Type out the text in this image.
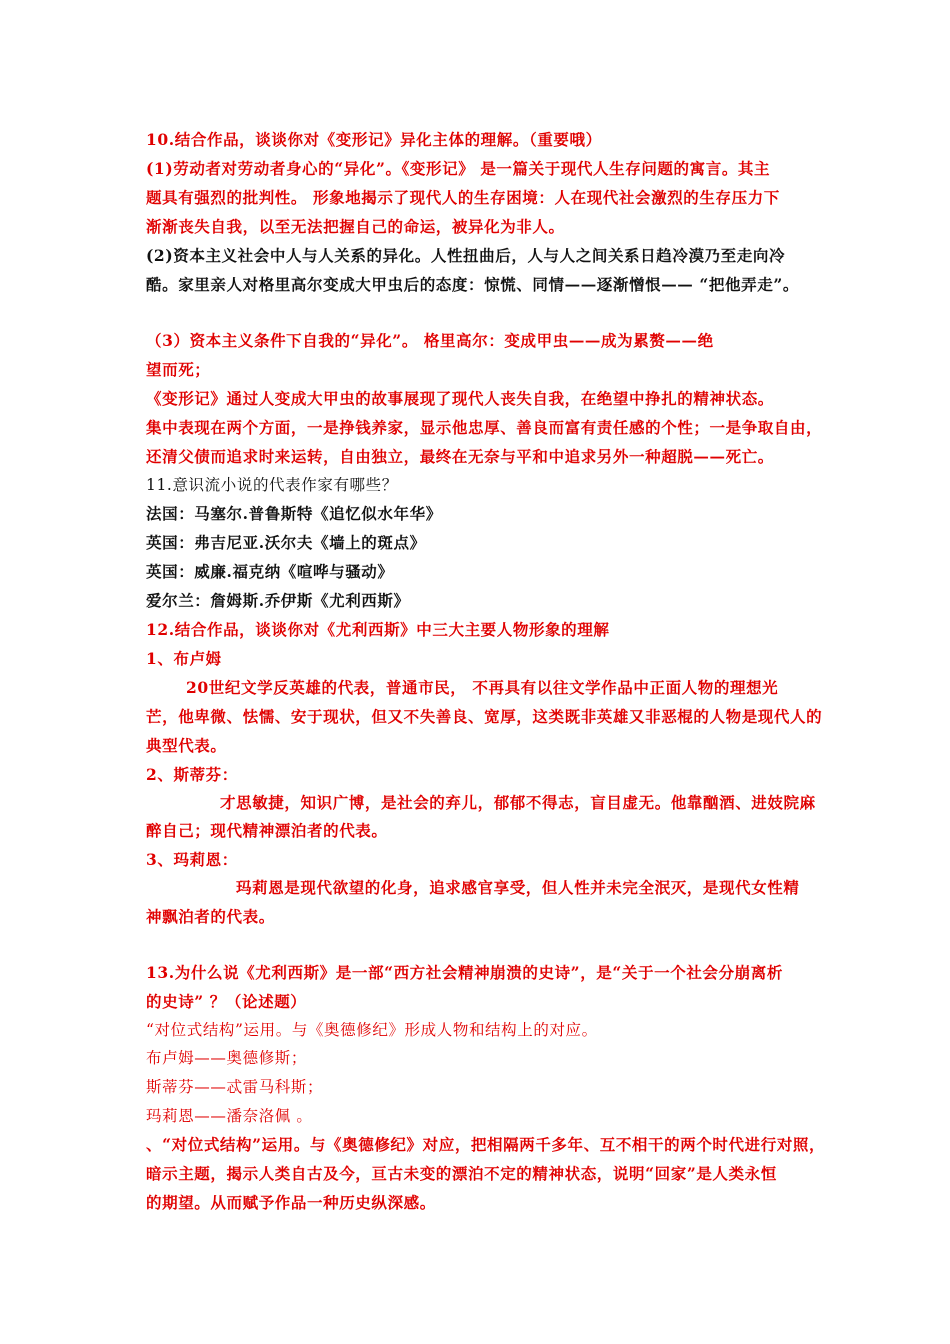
10.结合作品，谈谈你对《变形记》异化主体的理解。（重要哦）
(1)劳动者对劳动者身心的“异化”。《变形记》 是一篇关于现代人生存问题的寓言。其主
题具有强烈的批判性。 形象地揭示了现代人的生存困境：人在现代社会激烈的生存压力下
渐渐丧失自我，以至无法把握自己的命运，被异化为非人。
(2)资本主义社会中人与人关系的异化。人性扭曲后，人与人之间关系日趋冷漠乃至走向冷
酷。家里亲人对格里高尔变成大甲虫后的态度：惊慌、同情——逐渐憎恨—— “把他弄走”。
（3）资本主义条件下自我的“异化”。 格里高尔：变成甲虫——成为累赘——绝
望而死；
《变形记》通过人变成大甲虫的故事展现了现代人丧失自我，在绝望中挣扎的精神状态。
集中表现在两个方面，一是挣钱养家，显示他忠厚、善良而富有责任感的个性；一是争取自由，
还清父债而追求时来运转，自由独立，最终在无奈与平和中追求另外一种超脱——死亡。
11.意识流小说的代表作家有哪些？
法国：马塞尔.普鲁斯特《追忆似水年华》
英国：弗吉尼亚.沃尔夫《墙上的斑点》
英国：威廉.福克纳《喧哗与骚动》
爱尔兰：詹姆斯.乔伊斯《尤利西斯》
12.结合作品，谈谈你对《尤利西斯》中三大主要人物形象的理解
1、布卢姆
20世纪文学反英雄的代表，普通市民， 不再具有以往文学作品中正面人物的理想光
芒，他卑微、怯懦、安于现状，但又不失善良、宽厚，这类既非英雄又非恶棍的人物是现代人的
典型代表。
2、斯蒂芬：
才思敏捷，知识广博，是社会的弃儿，郁郁不得志，盲目虚无。他靠酗酒、进妓院麻
醉自己；现代精神漂泊者的代表。
3、玛莉恩：
玛莉恩是现代欲望的化身，追求感官享受，但人性并未完全泯灭，是现代女性精
神飘泊者的代表。
13.为什么说《尤利西斯》是一部“西方社会精神崩溃的史诗”，是“关于一个社会分崩离析
的史诗” ？（论述题）
“对位式结构”运用。与《奥德修纪》形成人物和结构上的对应。
布卢姆——奥德修斯；
斯蒂芬——忒雷马科斯；
玛莉恩——潘奈洛佩 。
、“对位式结构”运用。与《奥德修纪》对应，把相隔两千多年、互不相干的两个时代进行对照，
暗示主题，揭示人类自古及今，亘古未变的漂泊不定的精神状态，说明“回家”是人类永恒
的期望。从而赋予作品一种历史纵深感。
